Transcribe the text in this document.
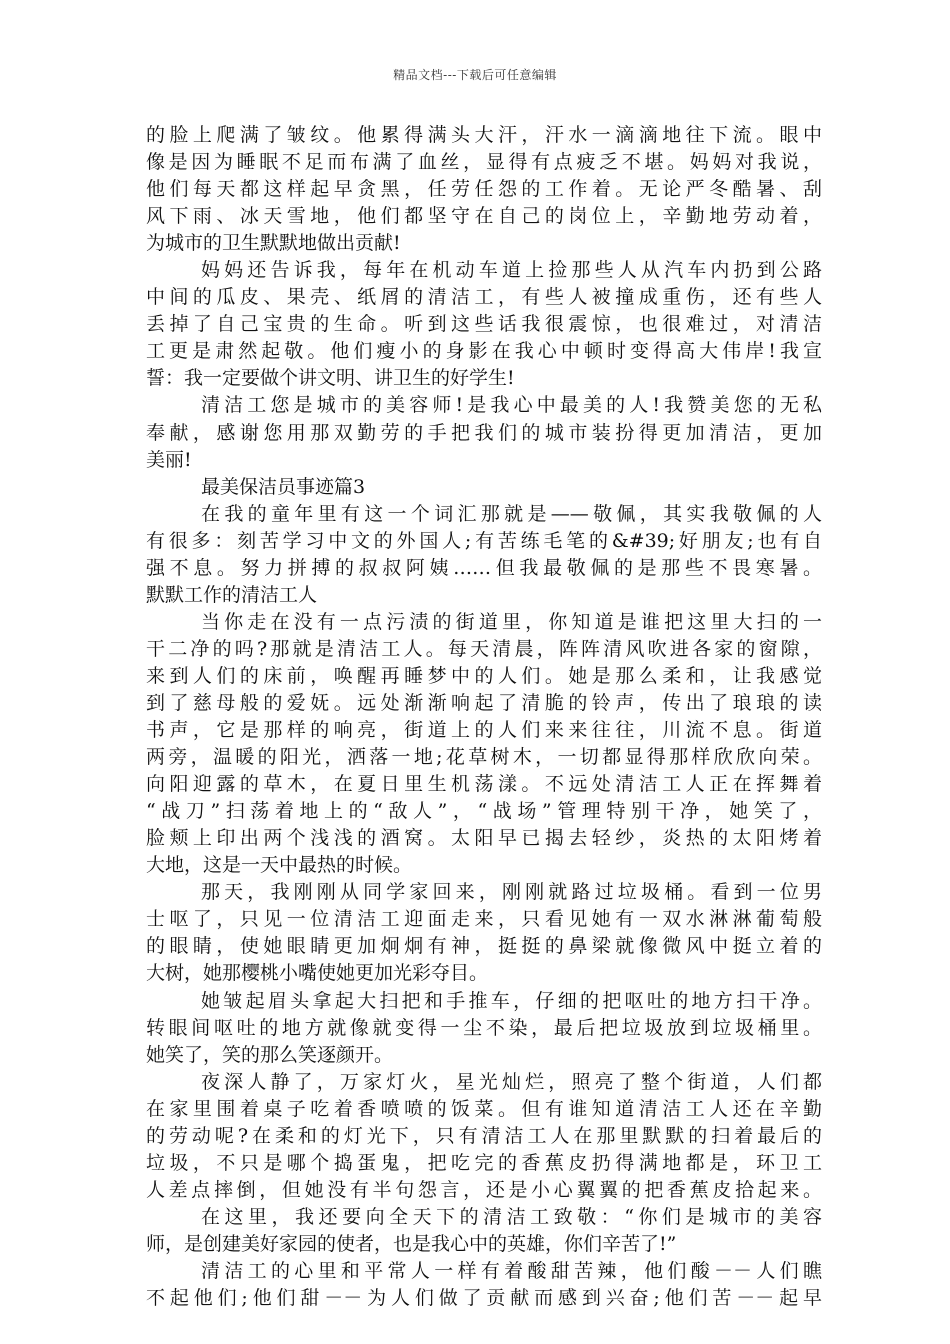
精品文档---下载后可任意编辑
的脸上爬满了皱纹。他累得满头大汗，汗水一滴滴地往下流。眼中
像是因为睡眠不足而布满了血丝，显得有点疲乏不堪。妈妈对我说，
他们每天都这样起早贪黑，任劳任怨的工作着。无论严冬酷暑、刮
风下雨、冰天雪地，他们都坚守在自己的岗位上，辛勤地劳动着，
为城市的卫生默默地做出贡献!
妈妈还告诉我，每年在机动车道上捡那些人从汽车内扔到公路
中间的瓜皮、果壳、纸屑的清洁工，有些人被撞成重伤，还有些人
丢掉了自己宝贵的生命。听到这些话我很震惊，也很难过，对清洁
工更是肃然起敬。他们瘦小的身影在我心中顿时变得高大伟岸!我宣
誓：我一定要做个讲文明、讲卫生的好学生!
清洁工您是城市的美容师!是我心中最美的人!我赞美您的无私
奉献，感谢您用那双勤劳的手把我们的城市装扮得更加清洁，更加
美丽!
最美保洁员事迹篇3
在我的童年里有这一个词汇那就是——敬佩，其实我敬佩的人
有很多：刻苦学习中文的外国人;有苦练毛笔的&#39;好朋友;也有自
强不息。努力拼搏的叔叔阿姨……但我最敬佩的是那些不畏寒暑。
默默工作的清洁工人
当你走在没有一点污渍的街道里，你知道是谁把这里大扫的一
干二净的吗?那就是清洁工人。每天清晨，阵阵清风吹进各家的窗隙，
来到人们的床前，唤醒再睡梦中的人们。她是那么柔和，让我感觉
到了慈母般的爱妩。远处渐渐响起了清脆的铃声，传出了琅琅的读
书声，它是那样的响亮，街道上的人们来来往往，川流不息。街道
两旁，温暖的阳光，洒落一地;花草树木，一切都显得那样欣欣向荣。
向阳迎露的草木，在夏日里生机荡漾。不远处清洁工人正在挥舞着
“战刀”扫荡着地上的“敌人”，“战场”管理特别干净，她笑了，
脸颊上印出两个浅浅的酒窝。太阳早已揭去轻纱，炎热的太阳烤着
大地，这是一天中最热的时候。
那天，我刚刚从同学家回来，刚刚就路过垃圾桶。看到一位男
士呕了，只见一位清洁工迎面走来，只看见她有一双水淋淋葡萄般
的眼睛，使她眼睛更加炯炯有神，挺挺的鼻梁就像微风中挺立着的
大树，她那樱桃小嘴使她更加光彩夺目。
她皱起眉头拿起大扫把和手推车，仔细的把呕吐的地方扫干净。
转眼间呕吐的地方就像就变得一尘不染，最后把垃圾放到垃圾桶里。
她笑了，笑的那么笑逐颜开。
夜深人静了，万家灯火，星光灿烂，照亮了整个街道，人们都
在家里围着桌子吃着香喷喷的饭菜。但有谁知道清洁工人还在辛勤
的劳动呢?在柔和的灯光下，只有清洁工人在那里默默的扫着最后的
垃圾，不只是哪个捣蛋鬼，把吃完的香蕉皮扔得满地都是，环卫工
人差点摔倒，但她没有半句怨言，还是小心翼翼的把香蕉皮拾起来。
在这里，我还要向全天下的清洁工致敬：“你们是城市的美容
师，是创建美好家园的使者，也是我心中的英雄，你们辛苦了!”
清洁工的心里和平常人一样有着酸甜苦辣，他们酸－－人们瞧
不起他们;他们甜－－为人们做了贡献而感到兴奋;他们苦－－起早
